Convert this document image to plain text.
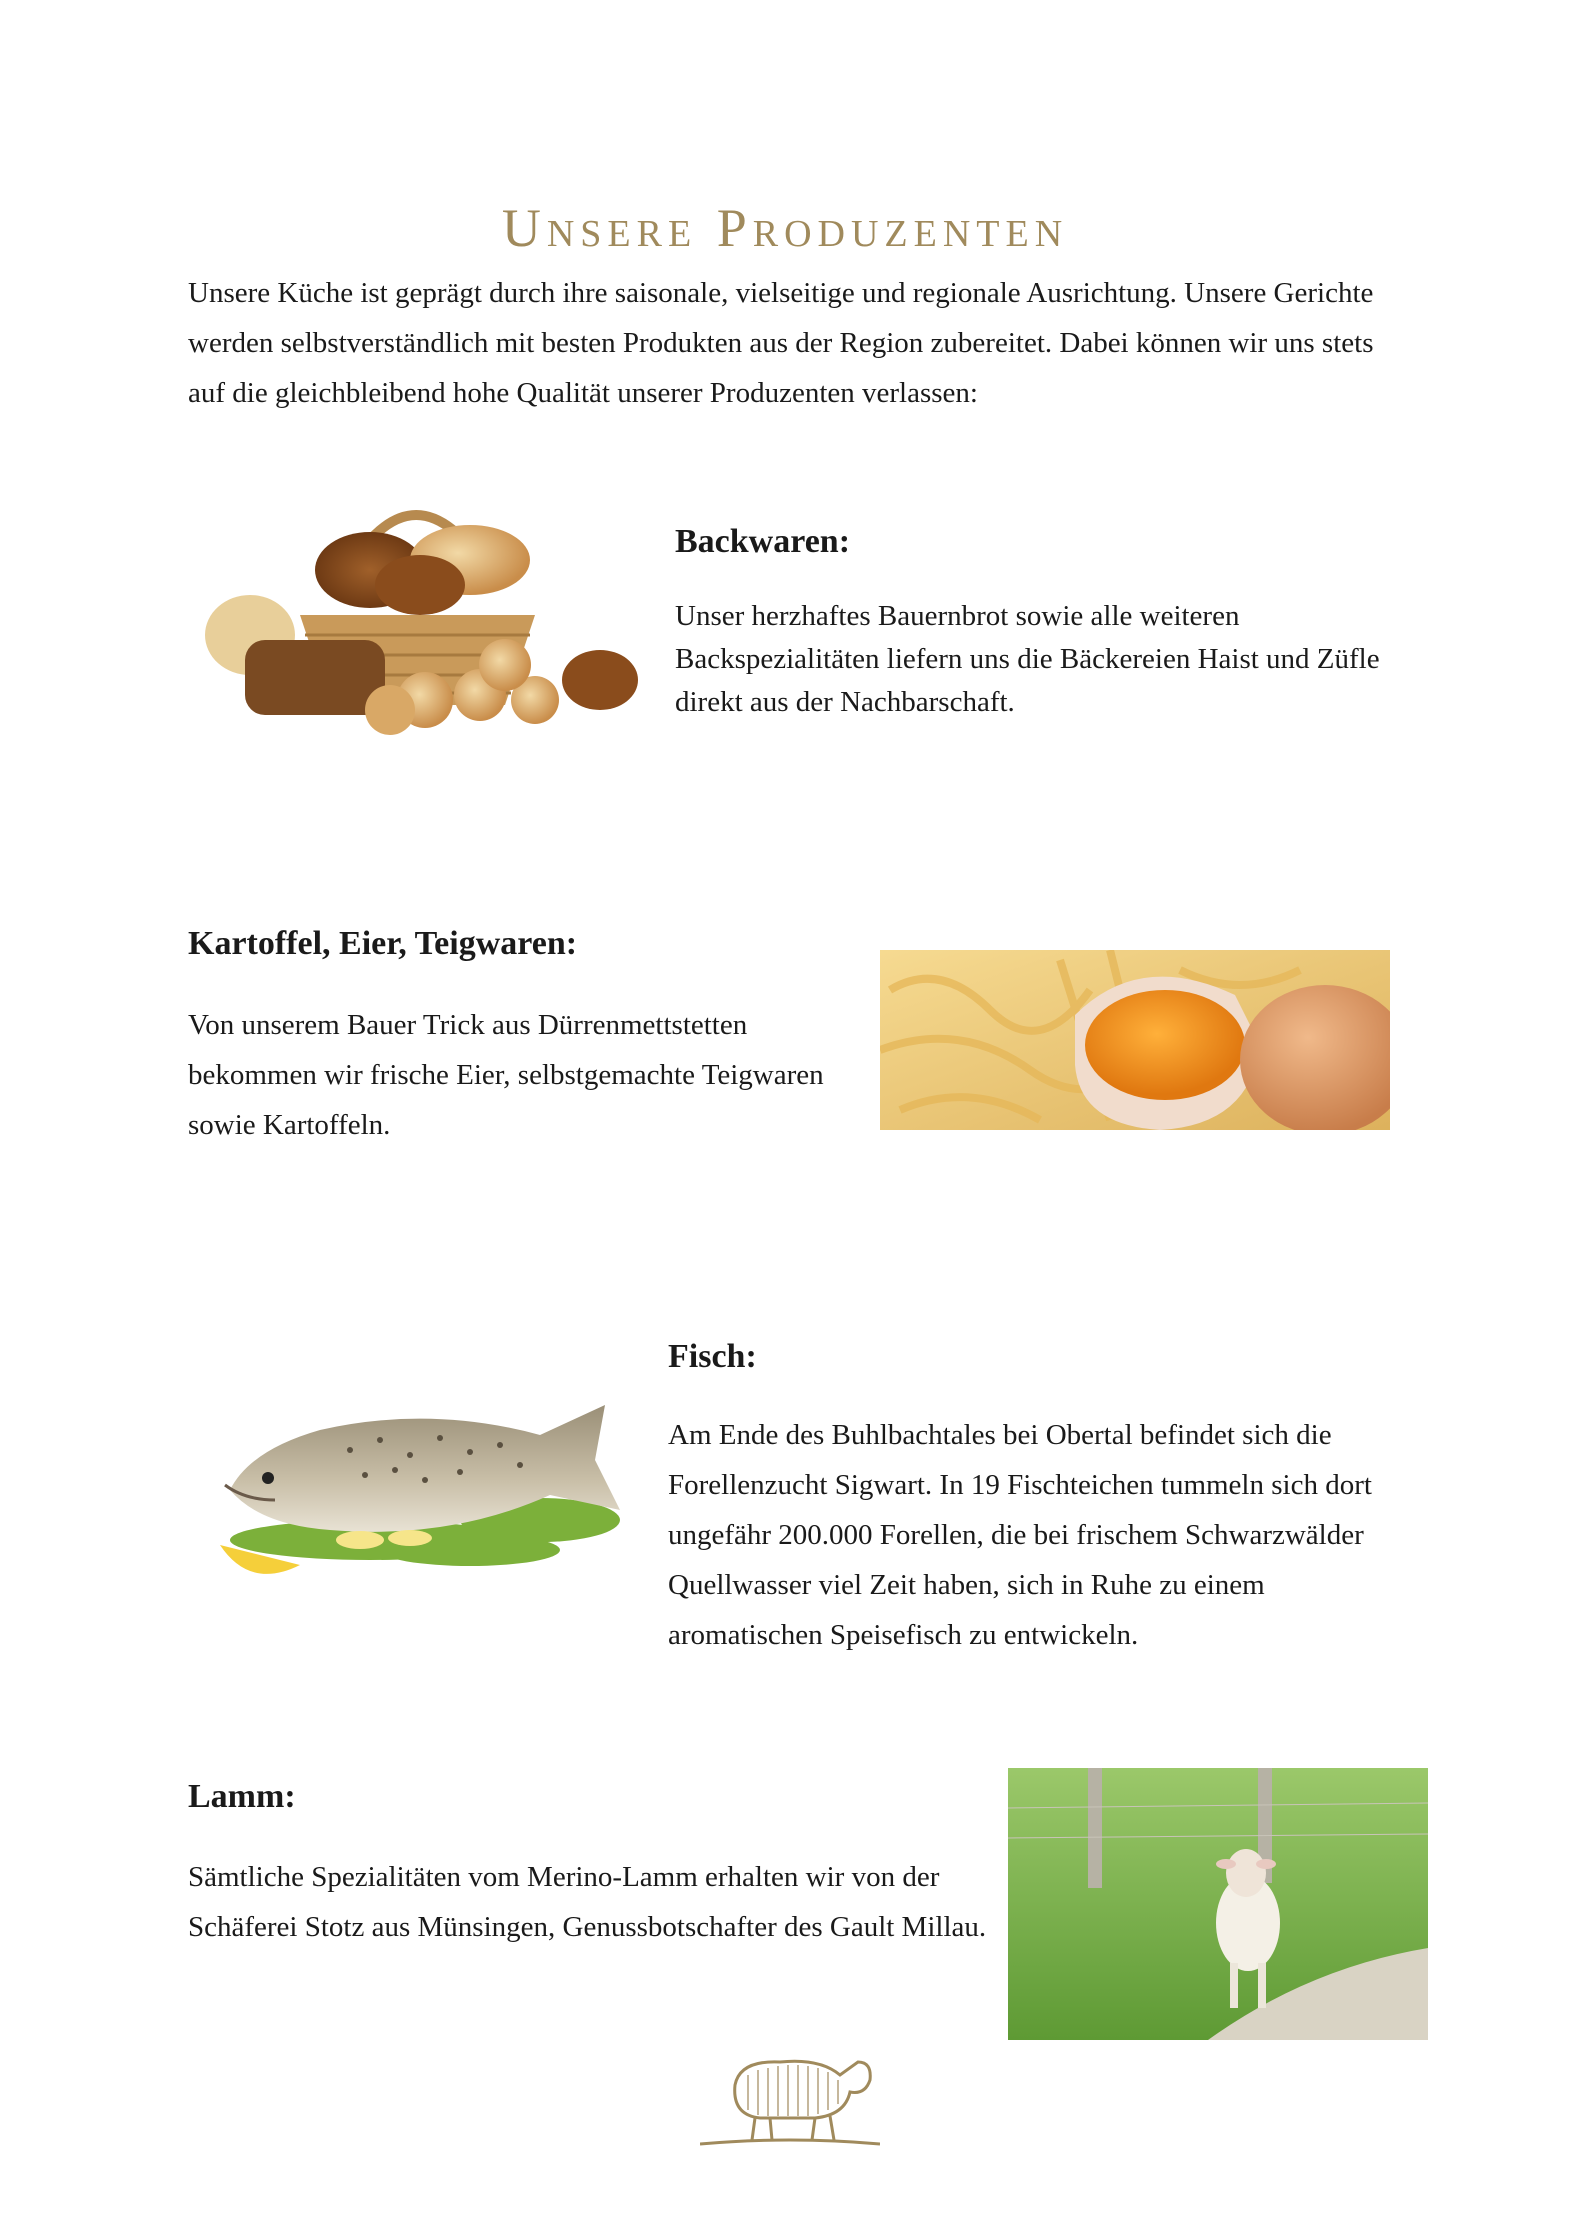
Unsere Produzenten

Unsere Küche ist geprägt durch ihre saisonale, vielseitige und regionale Ausrichtung. Unsere Gerichte werden selbstverständlich mit besten Produkten aus der Region zubereitet. Dabei können wir uns stets auf die gleichbleibend hohe Qualität unserer Produzenten verlassen:

Backwaren:

Unser herzhaftes Bauernbrot sowie alle weiteren Backspezialitäten liefern uns die Bäckereien Haist und Züfle direkt aus der Nachbarschaft.

Kartoffel, Eier, Teigwaren:

Von unserem Bauer Trick aus Dürrenmettstetten bekommen wir frische Eier, selbstgemachte Teigwaren sowie Kartoffeln.

Fisch:

Am Ende des Buhlbachtales bei Obertal befindet sich die Forellenzucht Sigwart. In 19 Fischteichen tummeln sich dort ungefähr 200.000 Forellen, die bei frischem Schwarzwälder Quellwasser viel Zeit haben, sich in Ruhe zu einem aromatischen Speisefisch zu entwickeln.

Lamm:

Sämtliche Spezialitäten vom Merino-Lamm erhalten wir von der Schäferei Stotz aus Münsingen, Genussbotschafter des Gault Millau.
